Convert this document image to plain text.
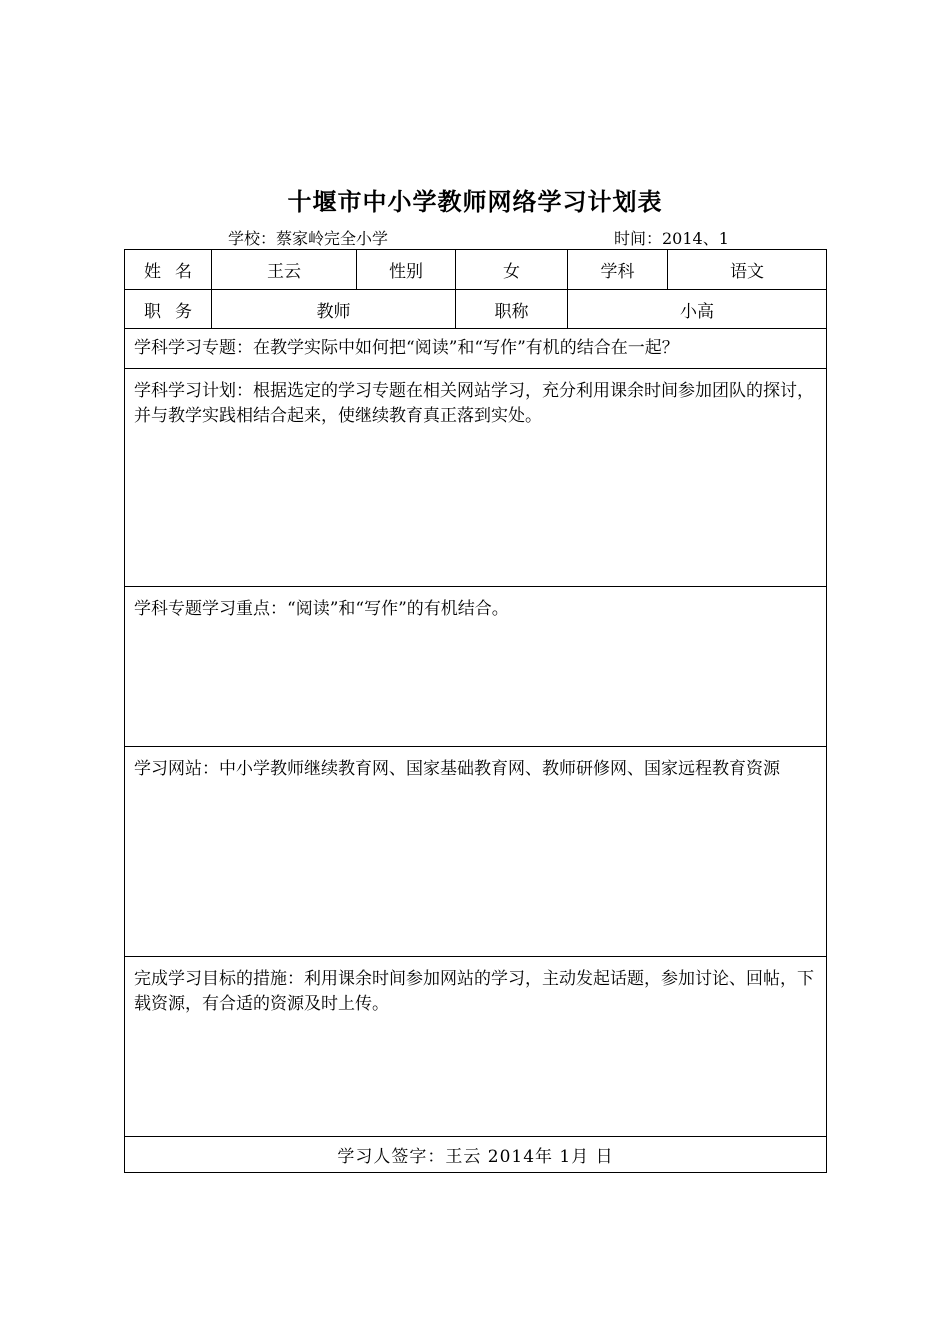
十堰市中小学教师网络学习计划表
学校：蔡家岭完全小学	时间：2014、1
姓名	王云	性别	女	学科	语文
职务	教师		职称	小高	
学科学习专题：在教学实际中如何把“阅读”和“写作”有机的结合在一起？					
学科学习计划：根据选定的学习专题在相关网站学习，充分利用课余时间参加团队的探讨，并与教学实践相结合起来，使继续教育真正落到实处。					
学科专题学习重点：“阅读”和“写作”的有机结合。					
学习网站：中小学教师继续教育网、国家基础教育网、教师研修网、国家远程教育资源					
完成学习目标的措施：利用课余时间参加网站的学习，主动发起话题，参加讨论、回帖，下载资源，有合适的资源及时上传。					
学习人签字：王云 2014年 1月 日					
